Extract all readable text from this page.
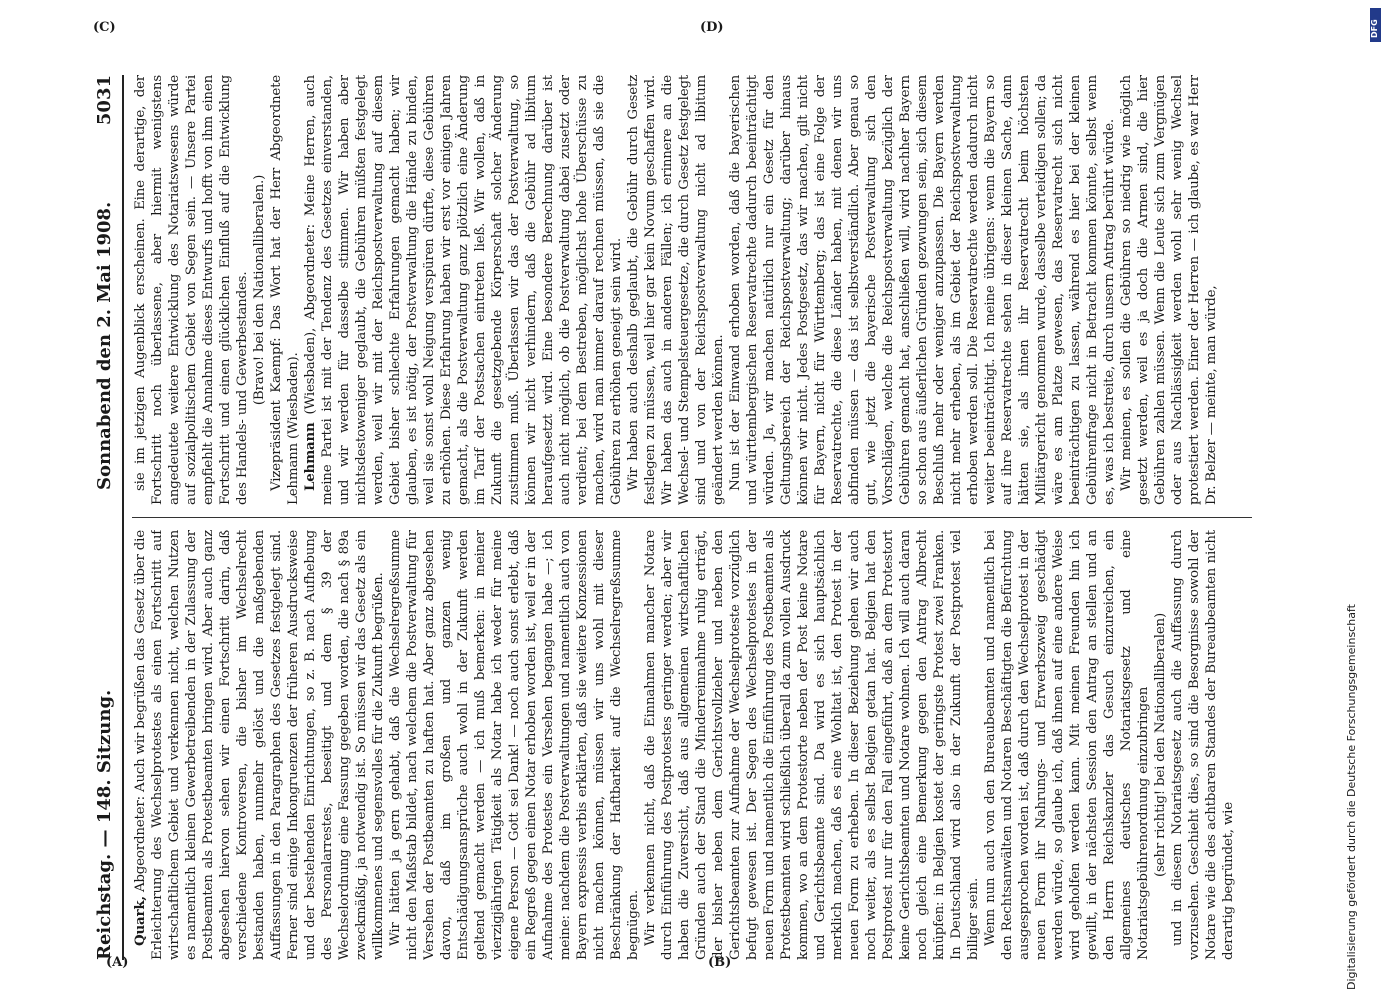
Reichstag. — 148. Sitzung.
Sonnabend den 2. Mai 1908.
5031

Quark, Abgeordneter: Auch wir begrüßen das Gesetz über die Erleichterung des Wechselprotestes als einen Fortschritt auf wirtschaftlichem Gebiet und verkennen nicht, welchen Nutzen es namentlich kleinen Gewerbetreibenden in der Zulassung der Postbeamten als Protestbeamten bringen wird. Aber auch ganz abgesehen hiervon sehen wir einen Fortschritt darin, daß verschiedene Kontroversen, die bisher im Wechselrecht bestanden haben, nunmehr gelöst und die maßgebenden Auffassungen in den Paragraphen des Gesetzes festgelegt sind. Ferner sind einige Inkongruenzen der früheren Ausdrucksweise und der bestehenden Einrichtungen, so z. B. nach Aufhebung des Personalarrestes, beseitigt und dem § 39 der Wechselordnung eine Fassung gegeben worden, die nach § 89a zweckmäßig, ja notwendig ist. So müssen wir das Gesetz als ein willkommenes und segensvolles für die Zukunft begrüßen. Wir hätten ja gern gehabt, daß die Wechselregreßsumme nicht den Maßstab bildet, nach welchem die Postverwaltung für Versehen der Postbeamten zu haften hat. Aber ganz abgesehen davon, daß im großen und ganzen wenig Entschädigungsansprüche auch wohl in der Zukunft werden geltend gemacht werden — ich muß bemerken: in meiner vierzigjährigen Tätigkeit als Notar habe ich weder für meine eigene Person — Gott sei Dank! — noch auch sonst erlebt, daß ein Regreß gegen einen Notar erhoben worden ist, weil er in der Aufnahme des Protestes ein Versehen begangen habe —; ich meine: nachdem die Postverwaltungen und namentlich auch von Bayern expressis verbis erklärten, daß sie weitere Konzessionen nicht machen können, müssen wir uns wohl mit dieser Beschränkung der Haftbarkeit auf die Wechselregreßsumme begnügen. Wir verkennen nicht, daß die Einnahmen mancher Notare durch Einführung des Postprotestes geringer werden; aber wir haben die Zuversicht, daß aus allgemeinen wirtschaftlichen Gründen auch der Stand die Minderreinnahme ruhig erträgt, der bisher neben dem Gerichtsvollzieher und neben den Gerichtsbeamten zur Aufnahme der Wechselproteste vorzüglich befugt gewesen ist. Der Segen des Wechselprotestes in der neuen Form und namentlich die Einführung des Postbeamten als Protestbeamten wird schließlich überall da zum vollen Ausdruck kommen, wo an dem Protestorte neben der Post keine Notare und Gerichtsbeamte sind. Da wird es sich hauptsächlich merklich machen, daß es eine Wohltat ist, den Protest in der neuen Form zu erheben. In dieser Beziehung gehen wir auch noch weiter, als es selbst Belgien getan hat. Belgien hat den Postprotest nur für den Fall eingeführt, daß an dem Protestort keine Gerichtsbeamten und Notare wohnen. Ich will auch daran noch gleich eine Bemerkung gegen den Antrag Albrecht knüpfen: in Belgien kostet der geringste Protest zwei Franken. In Deutschland wird also in der Zukunft der Postprotest viel billiger sein. Wenn nun auch von den Bureaubeamten und namentlich bei den Rechtsanwälten und Notaren Beschäftigten die Befürchtung ausgesprochen worden ist, daß durch den Wechselprotest in der neuen Form ihr Nahrungs- und Erwerbszweig geschädigt werden würde, so glaube ich, daß ihnen auf eine andere Weise wird geholfen werden kann. Mit meinen Freunden hin ich gewillt, in der nächsten Session den Antrag an stellen und an den Herrn Reichskanzler das Gesuch einzureichen, ein allgemeines deutsches Notariatsgesetz und eine Notariatsgebührenordnung einzubringen (sehr richtig! bei den Nationalliberalen) und in diesem Notariatsgesetz auch die Auffassung durch vorzusehen. Geschieht dies, so sind die Besorgnisse sowohl der Notare wie die des achtbaren Standes der Bureaubeamten nicht derartig begründet, wie

sie im jetzigen Augenblick erscheinen. Eine derartige, der Fortschritt noch überlassene, aber hiermit wenigstens angedeutete weitere Entwicklung des Notariatswesens würde auf sozialpolitischem Gebiet von Segen sein. — Unsere Partei empfiehlt die Annahme dieses Entwurfs und hofft von ihm einen Fortschritt und einen glücklichen Einfluß auf die Entwicklung des Handels- und Gewerbestandes. (Bravo! bei den Nationalliberalen.) Vizepräsident Kaempf: Das Wort hat der Herr Abgeordnete Lehmann (Wiesbaden). Lehmann (Wiesbaden), Abgeordneter: Meine Herren, auch meine Partei ist mit der Tendenz des Gesetzes einverstanden, und wir werden für dasselbe stimmen. Wir haben aber nichtsdestoweniger geglaubt, die Gebühren müßten festgelegt werden, weil wir mit der Reichspostverwaltung auf diesem Gebiet bisher schlechte Erfahrungen gemacht haben; wir glauben, es ist nötig, der Postverwaltung die Hände zu binden, weil sie sonst wohl Neigung verspüren dürfte, diese Gebühren zu erhöhen. Diese Erfahrung haben wir erst vor einigen Jahren gemacht, als die Postverwaltung ganz plötzlich eine Änderung im Tarif der Postsachen eintreten ließ. Wir wollen, daß in Zukunft die gesetzgebende Körperschaft solcher Änderung zustimmen muß. Überlassen wir das der Postverwaltung, so können wir nicht verhindern, daß die Gebühr ad libitum heraufgesetzt wird. Eine besondere Berechnung darüber ist auch nicht möglich, ob die Postverwaltung dabei zusetzt oder verdient; bei dem Bestreben, möglichst hohe Überschüsse zu machen, wird man immer darauf rechnen müssen, daß sie die Gebühren zu erhöhen geneigt sein wird. Wir haben auch deshalb geglaubt, die Gebühr durch Gesetz festlegen zu müssen, weil hier gar kein Novum geschaffen wird. Wir haben das auch in anderen Fällen; ich erinnere an die Wechsel- und Stempelsteuergesetze, die durch Gesetz festgelegt sind und von der Reichspostverwaltung nicht ad libitum geändert werden können. Nun ist der Einwand erhoben worden, daß die bayerischen und württembergischen Reservatrechte dadurch beeinträchtigt würden. Ja, wir machen natürlich nur ein Gesetz für den Geltungsbereich der Reichspostverwaltung; darüber hinaus können wir nicht. Jedes Postgesetz, das wir machen, gilt nicht für Bayern, nicht für Württemberg; das ist eine Folge der Reservatrechte, die diese Länder haben, mit denen wir uns abfinden müssen — das ist selbstverständlich. Aber genau so gut, wie jetzt die bayerische Postverwaltung sich den Vorschlägen, welche die Reichspostverwaltung bezüglich der Gebühren gemacht hat, anschließen will, wird nachher Bayern so schon aus äußerlichen Gründen gezwungen sein, sich diesem Beschluß mehr oder weniger anzupassen. Die Bayern werden nicht mehr erheben, als im Gebiet der Reichspostverwaltung erhoben werden soll. Die Reservatrechte werden dadurch nicht weiter beeinträchtigt. Ich meine übrigens: wenn die Bayern so auf ihre Reservatrechte sehen in dieser kleinen Sache, dann hätten sie, als ihnen ihr Reservatrecht beim höchsten Militärgericht genommen wurde, dasselbe verteidigen sollen; da wäre es am Platze gewesen, das Reservatrecht sich nicht beeinträchtigen zu lassen, während es hier bei der kleinen Gebührenfrage nicht in Betracht kommen könnte, selbst wenn es, was ich bestreite, durch unsern Antrag berührt würde. Wir meinen, es sollen die Gebühren so niedrig wie möglich gesetzt werden, weil es ja doch die Armen sind, die hier Gebühren zahlen müssen. Wenn die Leute sich zum Vergnügen oder aus Nachlässigkeit werden wohl sehr wenig Wechsel protestiert werden. Einer der Herren — ich glaube, es war Herr Dr. Belzer — meinte, man würde,

(A)	(B)
(C)	(D)
Digitalisierung gefördert durch die Deutsche Forschungsgemeinschaft
DFG
